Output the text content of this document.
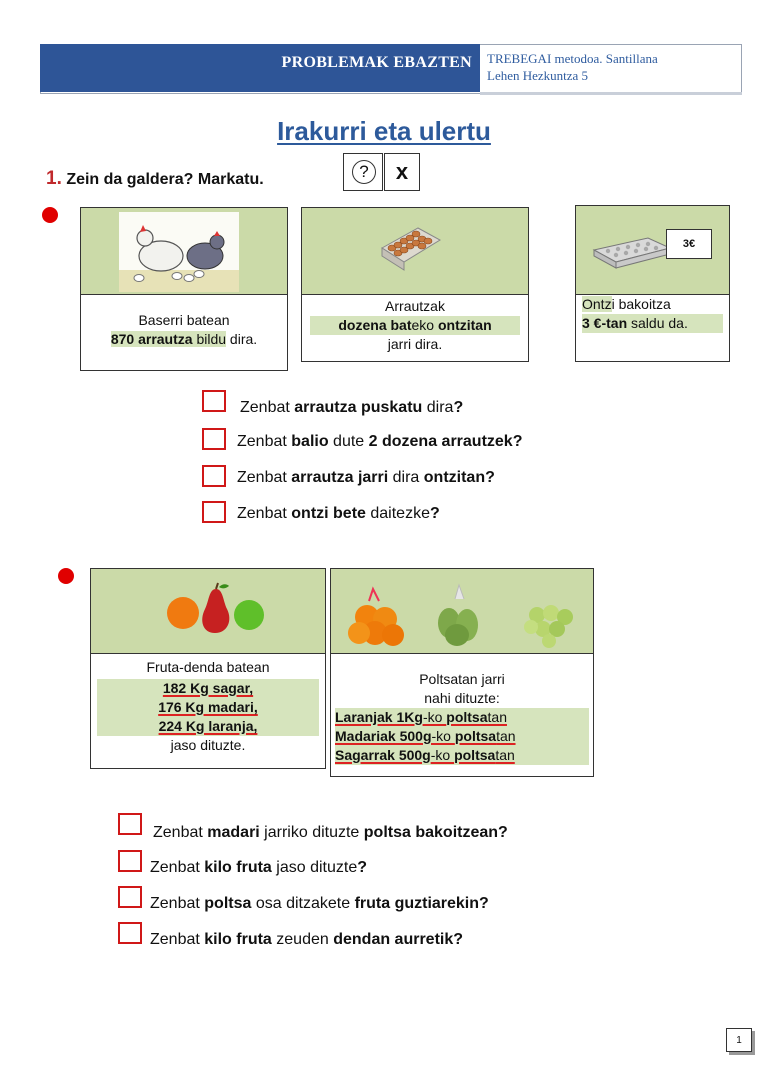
PROBLEMAK EBAZTEN TREBEGAI metodoa. Santillana
Lehen Hezkuntza 5
Irakurri eta ulertu
1. Zein da galdera? Markatu.	?	x
Baserri batean
870 arrautza bildu dira.
Arrautzak
dozena bateko ontzitan
jarri dira.
3€
Ontzi bakoitza
3 €-tan saldu da.
Zenbat arrautza puskatu dira?
Zenbat balio dute 2 dozena arrautzek?
Zenbat arrautza jarri dira ontzitan?
Zenbat ontzi bete daitezke?
Fruta-denda batean
182 Kg sagar,
176 Kg madari,
224 Kg laranja,
jaso dituzte.
Poltsatan jarri
nahi dituzte:
Laranjak 1Kg-ko poltsatan
Madariak 500g-ko poltsatan
Sagarrak 500g-ko poltsatan
Zenbat madari jarriko dituzte poltsa bakoitzean?
Zenbat kilo fruta jaso dituzte?
Zenbat poltsa osa ditzakete fruta guztiarekin?
Zenbat kilo fruta zeuden dendan aurretik?
1
